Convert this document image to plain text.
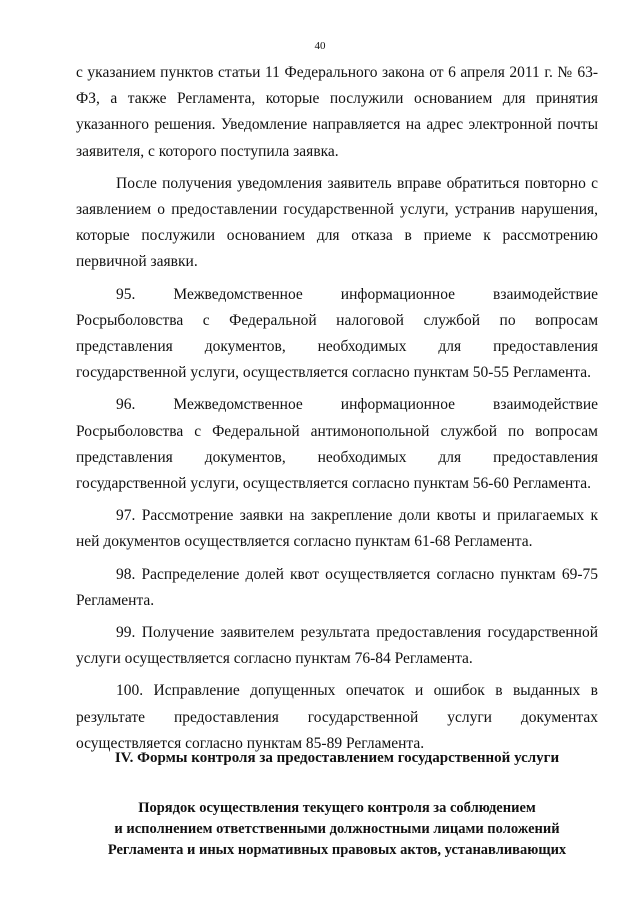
40

с указанием пунктов статьи 11 Федерального закона от 6 апреля 2011 г. № 63-ФЗ, а также Регламента, которые послужили основанием для принятия указанного решения. Уведомление направляется на адрес электронной почты заявителя, с которого поступила заявка.

После получения уведомления заявитель вправе обратиться повторно с заявлением о предоставлении государственной услуги, устранив нарушения, которые послужили основанием для отказа в приеме к рассмотрению первичной заявки.

95. Межведомственное информационное взаимодействие Росрыболовства с Федеральной налоговой службой по вопросам представления документов, необходимых для предоставления государственной услуги, осуществляется согласно пунктам 50-55 Регламента.

96. Межведомственное информационное взаимодействие Росрыболовства с Федеральной антимонопольной службой по вопросам представления документов, необходимых для предоставления государственной услуги, осуществляется согласно пунктам 56-60 Регламента.

97. Рассмотрение заявки на закрепление доли квоты и прилагаемых к ней документов осуществляется согласно пунктам 61-68 Регламента.

98. Распределение долей квот осуществляется согласно пунктам 69-75 Регламента.

99. Получение заявителем результата предоставления государственной услуги осуществляется согласно пунктам 76-84 Регламента.

100. Исправление допущенных опечаток и ошибок в выданных в результате предоставления государственной услуги документах осуществляется согласно пунктам 85-89 Регламента.

IV. Формы контроля за предоставлением государственной услуги
Порядок осуществления текущего контроля за соблюдением
и исполнением ответственными должностными лицами положений
Регламента и иных нормативных правовых актов, устанавливающих
